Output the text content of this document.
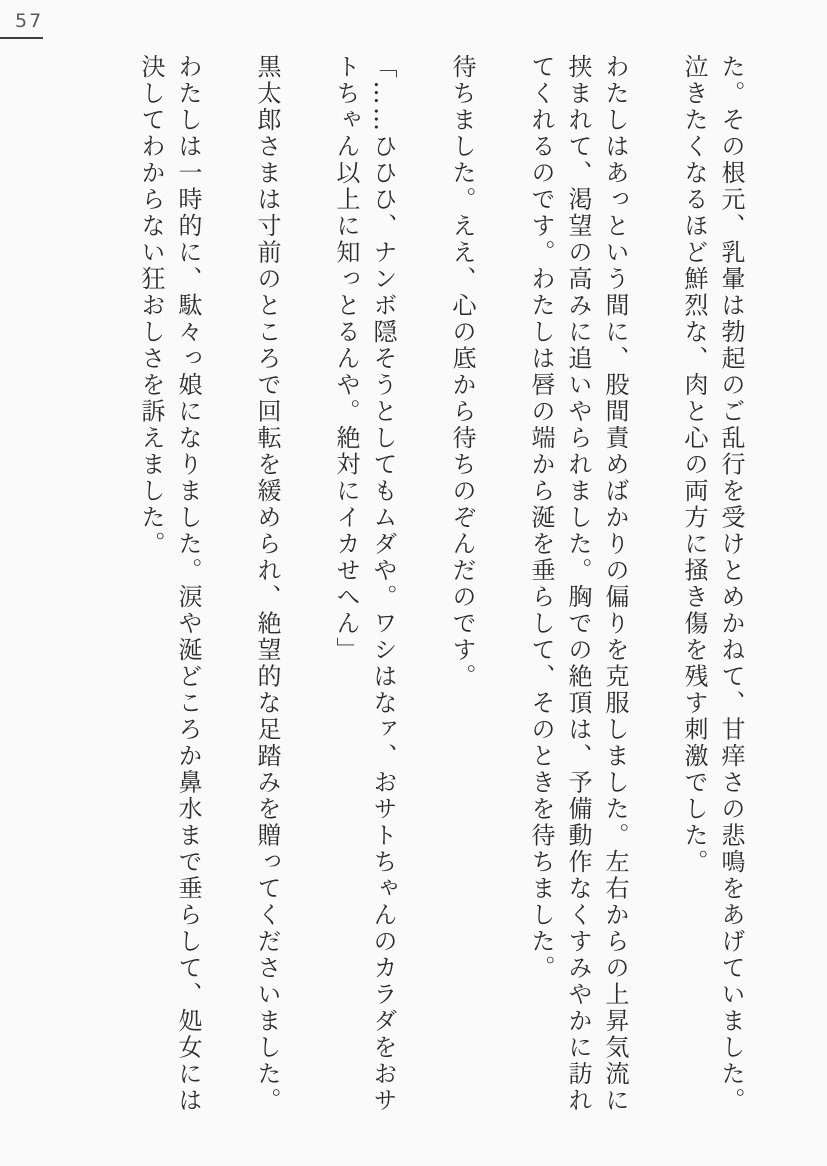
57

た。その根元、乳暈は勃起のご乱行を受けとめかねて、甘痒さの悲鳴をあげていました。泣きたくなるほど鮮烈な、肉と心の両方に掻き傷を残す刺激でした。

わたしはあっという間に、股間責めばかりの偏りを克服しました。左右からの上昇気流に挟まれて、渇望の高みに追いやられました。胸での絶頂は、予備動作なくすみやかに訪れてくれるのです。わたしは唇の端から涎を垂らして、そのときを待ちました。

待ちました。ええ、心の底から待ちのぞんだのです。

「……ひひひ、ナンボ隠そうとしてもムダや。ワシはなァ、おサトちゃんのカラダをおサトちゃん以上に知っとるんや。絶対にイカせへん」

黒太郎さまは寸前のところで回転を緩められ、絶望的な足踏みを贈ってくださいました。

わたしは一時的に、駄々っ娘になりました。涙や涎どころか鼻水まで垂らして、処女には決してわからない狂おしさを訴えました。
